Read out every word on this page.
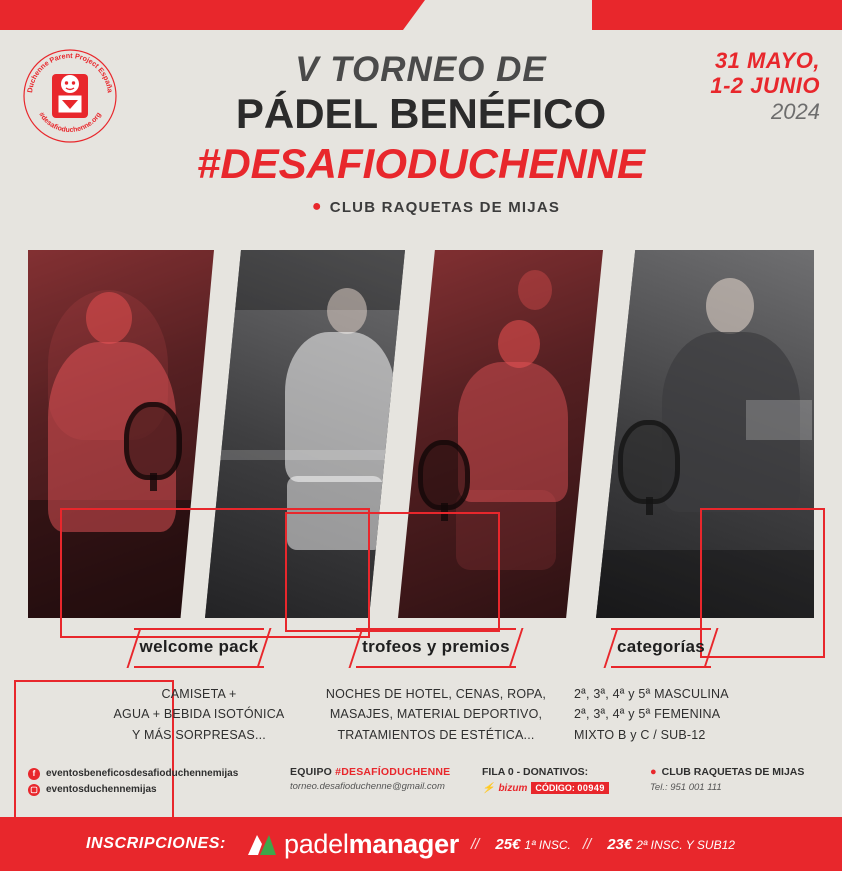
Duchenne Parent Project España
#desafioduchenne.org
V TORNEO DE
PÁDEL BENÉFICO
#DESAFIODUCHENNE
● CLUB RAQUETAS DE MIJAS
31 MAYO,
1-2 JUNIO
2024
welcome pack
CAMISETA +
AGUA + BEBIDA ISOTÓNICA
Y MÁS SORPRESAS...
trofeos y premios
NOCHES DE HOTEL, CENAS, ROPA,
MASAJES, MATERIAL DEPORTIVO,
TRATAMIENTOS DE ESTÉTICA...
categorías
2ª, 3ª, 4ª y 5ª MASCULINA
2ª, 3ª, 4ª y 5ª FEMENINA
MIXTO B y C / SUB-12
f	eventosbeneficosdesafioduchennemijas
▢ eventosduchennemijas
EQUIPO #DESAFÍODUCHENNE
torneo.desafioduchenne@gmail.com
FILA 0 - DONATIVOS:
⚡ bizum CÓDIGO: 00949
● CLUB RAQUETAS DE MIJAS
Tel.: 951 001 111
INSCRIPCIONES: padelmanager // 25€ 1ª INSC. // 23€ 2ª INSC. Y SUB12
